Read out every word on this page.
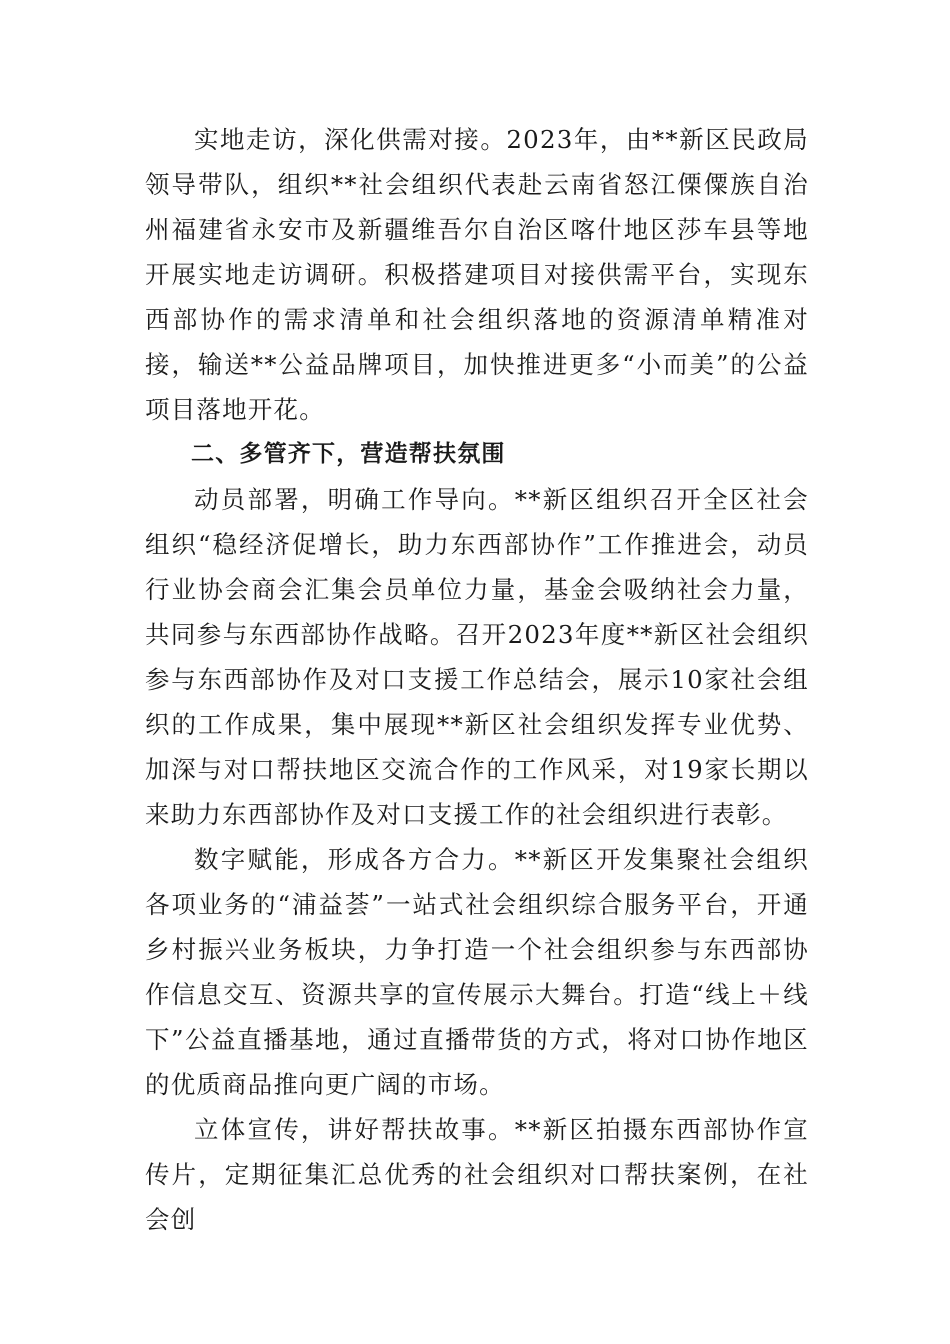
实地走访，深化供需对接。2023年，由**新区民政局领导带队，组织**社会组织代表赴云南省怒江傈僳族自治州福建省永安市及新疆维吾尔自治区喀什地区莎车县等地开展实地走访调研。积极搭建项目对接供需平台，实现东西部协作的需求清单和社会组织落地的资源清单精准对接，输送**公益品牌项目，加快推进更多“小而美”的公益项目落地开花。

二、多管齐下，营造帮扶氛围

动员部署，明确工作导向。**新区组织召开全区社会组织“稳经济促增长，助力东西部协作”工作推进会，动员行业协会商会汇集会员单位力量，基金会吸纳社会力量，共同参与东西部协作战略。召开2023年度**新区社会组织参与东西部协作及对口支援工作总结会，展示10家社会组织的工作成果，集中展现**新区社会组织发挥专业优势、加深与对口帮扶地区交流合作的工作风采，对19家长期以来助力东西部协作及对口支援工作的社会组织进行表彰。

数字赋能，形成各方合力。**新区开发集聚社会组织各项业务的“浦益荟”一站式社会组织综合服务平台，开通乡村振兴业务板块，力争打造一个社会组织参与东西部协作信息交互、资源共享的宣传展示大舞台。打造“线上＋线下”公益直播基地，通过直播带货的方式，将对口协作地区的优质商品推向更广阔的市场。

立体宣传，讲好帮扶故事。**新区拍摄东西部协作宣传片，定期征集汇总优秀的社会组织对口帮扶案例，在社会创
